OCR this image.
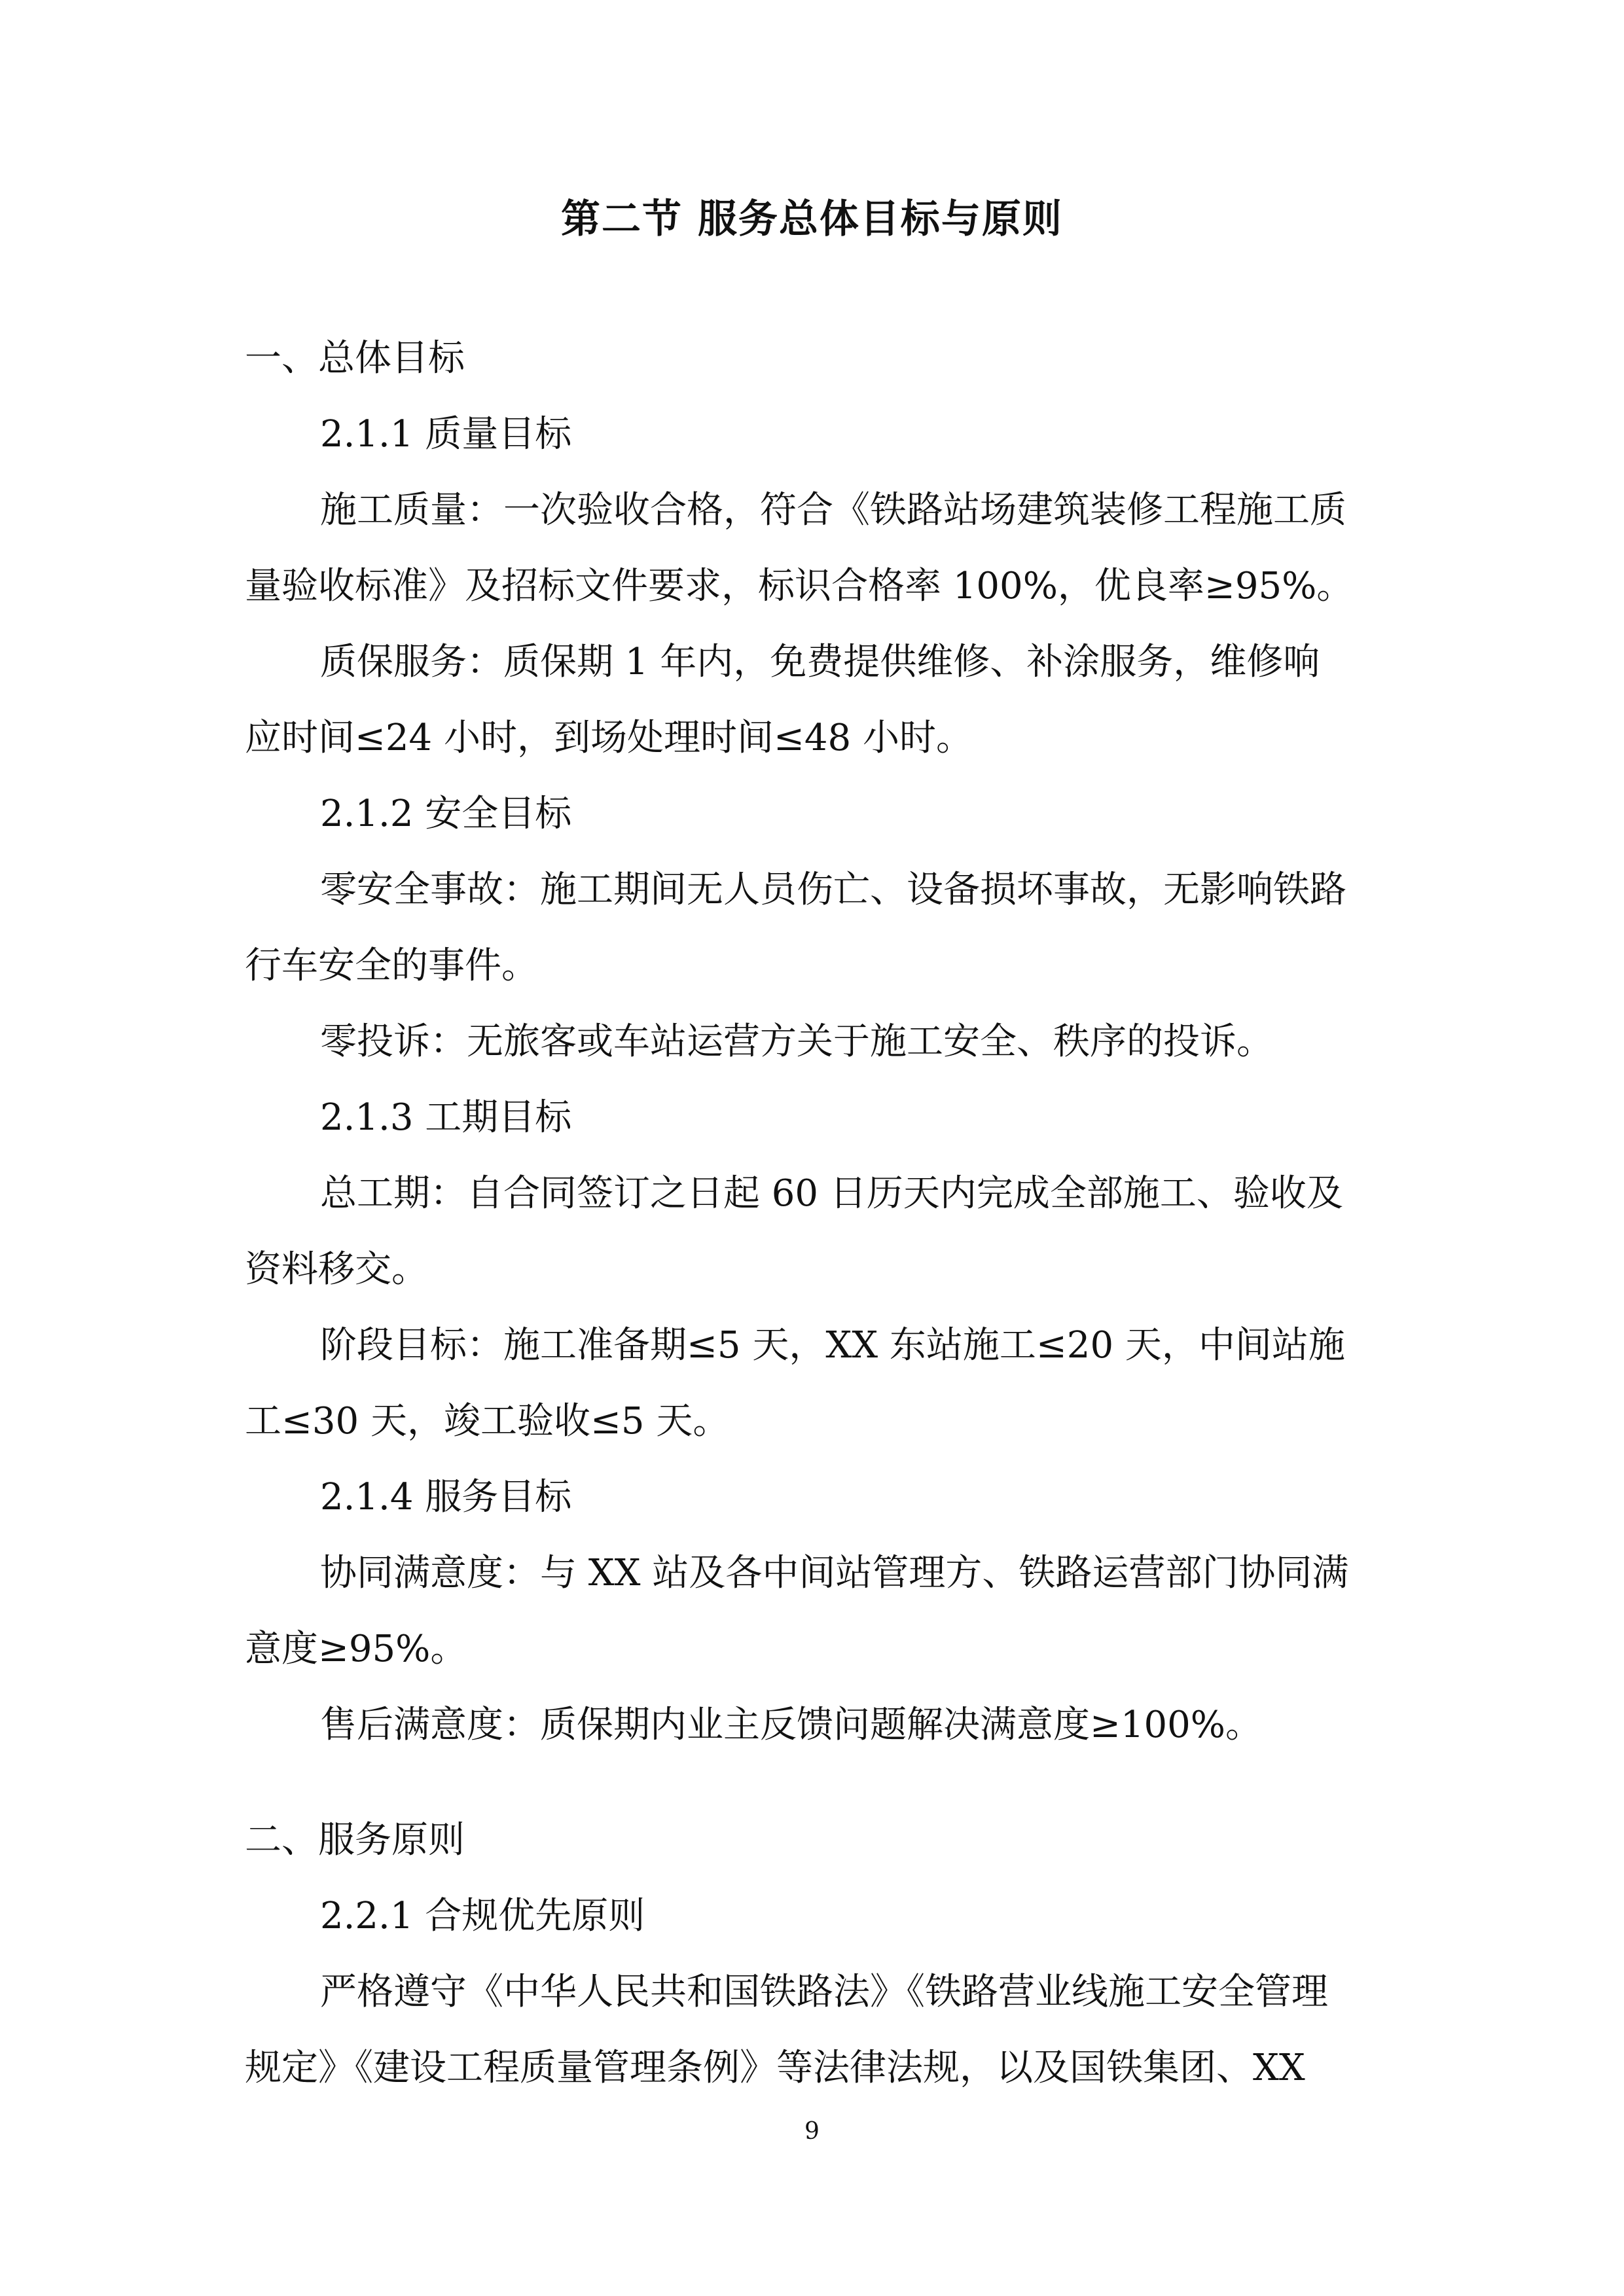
第二节 服务总体目标与原则
一、总体目标
2.1.1 质量目标
施工质量：一次验收合格，符合《铁路站场建筑装修工程施工质
量验收标准》及招标文件要求，标识合格率 100%，优良率≥95%。
质保服务：质保期 1 年内，免费提供维修、补涂服务，维修响
应时间≤24 小时，到场处理时间≤48 小时。
2.1.2 安全目标
零安全事故：施工期间无人员伤亡、设备损坏事故，无影响铁路
行车安全的事件。
零投诉：无旅客或车站运营方关于施工安全、秩序的投诉。
2.1.3 工期目标
总工期：自合同签订之日起 60 日历天内完成全部施工、验收及
资料移交。
阶段目标：施工准备期≤5 天，XX 东站施工≤20 天，中间站施
工≤30 天，竣工验收≤5 天。
2.1.4 服务目标
协同满意度：与 XX 站及各中间站管理方、铁路运营部门协同满
意度≥95%。
售后满意度：质保期内业主反馈问题解决满意度≥100%。
二、服务原则
2.2.1 合规优先原则
严格遵守《中华人民共和国铁路法》《铁路营业线施工安全管理
规定》《建设工程质量管理条例》等法律法规，以及国铁集团、XX
9
